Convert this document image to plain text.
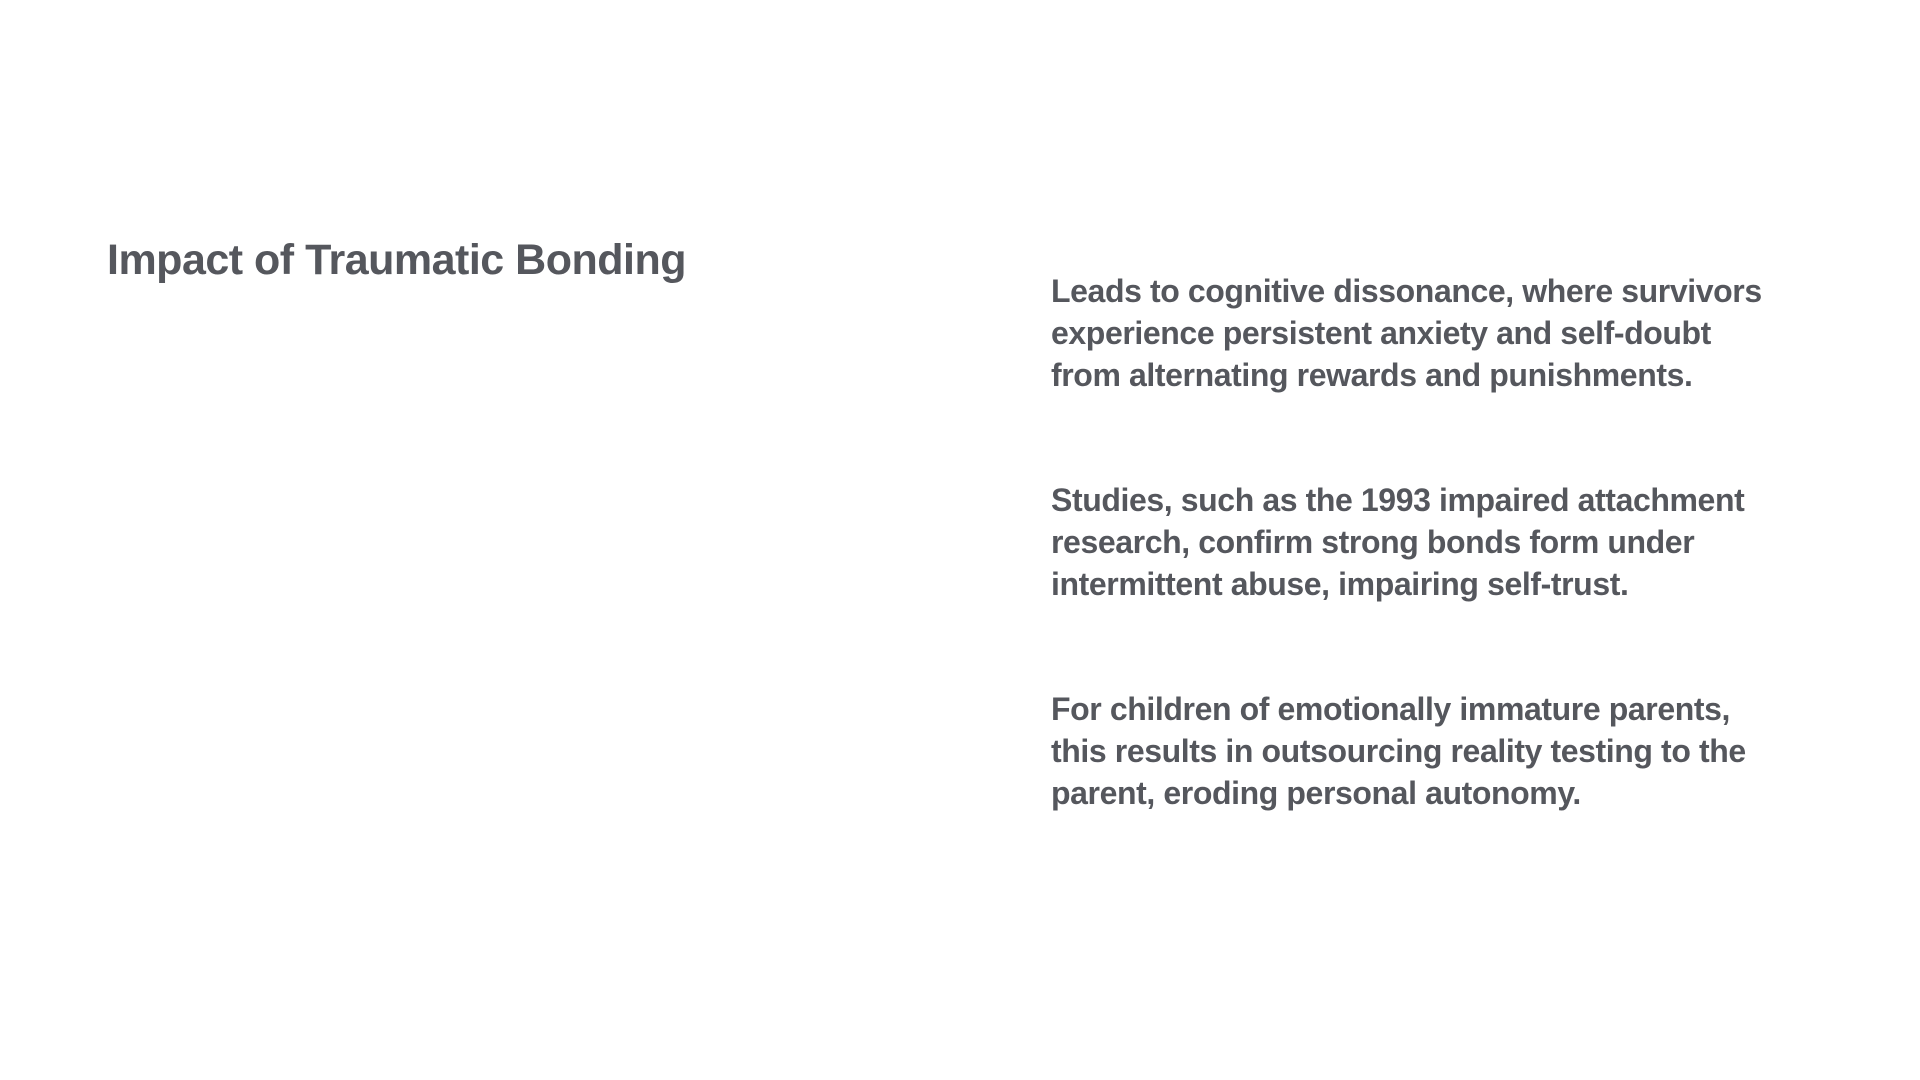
Impact of Traumatic Bonding

Leads to cognitive dissonance, where survivors
experience persistent anxiety and self-doubt
from alternating rewards and punishments.

Studies, such as the 1993 impaired attachment
research, confirm strong bonds form under
intermittent abuse, impairing self-trust.

For children of emotionally immature parents,
this results in outsourcing reality testing to the
parent, eroding personal autonomy.
